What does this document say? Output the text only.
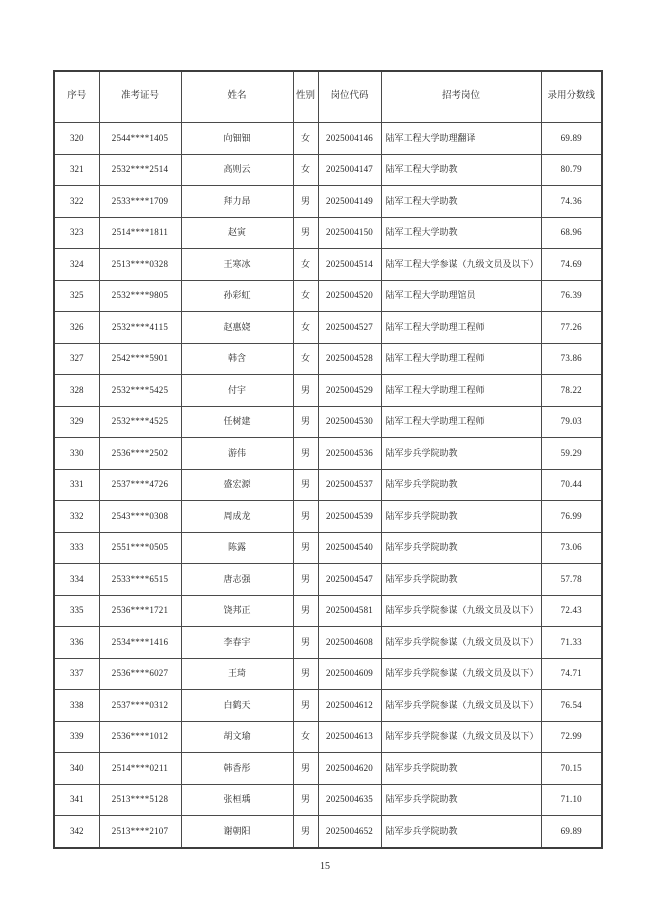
序号	准考证号	姓名	性别	岗位代码	招考岗位	录用分数线
320	2544****1405	向钿钿	女	2025004146	陆军工程大学助理翻译	69.89
321	2532****2514	高则云	女	2025004147	陆军工程大学助教	80.79
322	2533****1709	拜力昂	男	2025004149	陆军工程大学助教	74.36
323	2514****1811	赵寅	男	2025004150	陆军工程大学助教	68.96
324	2513****0328	王寒冰	女	2025004514	陆军工程大学参谋（九级文员及以下）	74.69
325	2532****9805	孙彩虹	女	2025004520	陆军工程大学助理馆员	76.39
326	2532****4115	赵惠娆	女	2025004527	陆军工程大学助理工程师	77.26
327	2542****5901	韩含	女	2025004528	陆军工程大学助理工程师	73.86
328	2532****5425	付宇	男	2025004529	陆军工程大学助理工程师	78.22
329	2532****4525	任树建	男	2025004530	陆军工程大学助理工程师	79.03
330	2536****2502	游伟	男	2025004536	陆军步兵学院助教	59.29
331	2537****4726	盛宏源	男	2025004537	陆军步兵学院助教	70.44
332	2543****0308	周成龙	男	2025004539	陆军步兵学院助教	76.99
333	2551****0505	陈露	男	2025004540	陆军步兵学院助教	73.06
334	2533****6515	唐志强	男	2025004547	陆军步兵学院助教	57.78
335	2536****1721	饶邦正	男	2025004581	陆军步兵学院参谋（九级文员及以下）	72.43
336	2534****1416	李春宇	男	2025004608	陆军步兵学院参谋（九级文员及以下）	71.33
337	2536****6027	王琦	男	2025004609	陆军步兵学院参谋（九级文员及以下）	74.71
338	2537****0312	白鹤天	男	2025004612	陆军步兵学院参谋（九级文员及以下）	76.54
339	2536****1012	胡文瑜	女	2025004613	陆军步兵学院参谋（九级文员及以下）	72.99
340	2514****0211	韩香彤	男	2025004620	陆军步兵学院助教	70.15
341	2513****5128	张桓瑀	男	2025004635	陆军步兵学院助教	71.10
342	2513****2107	谢朝阳	男	2025004652	陆军步兵学院助教	69.89
15
